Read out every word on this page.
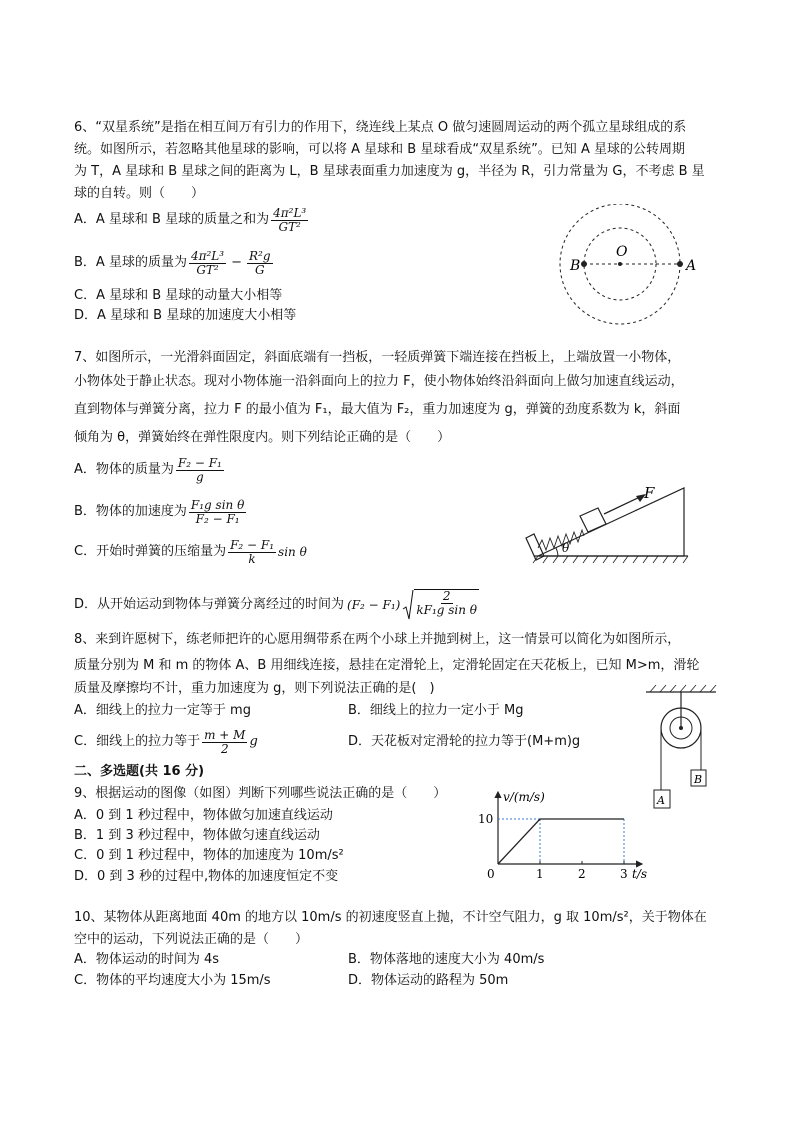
6、“双星系统”是指在相互间万有引力的作用下，绕连线上某点 O 做匀速圆周运动的两个孤立星球组成的系
统。如图所示，若忽略其他星球的影响，可以将 A 星球和 B 星球看成“双星系统”。已知 A 星球的公转周期
为 T，A 星球和 B 星球之间的距离为 L，B 星球表面重力加速度为 g，半径为 R，引力常量为 G，不考虑 B 星
球的自转。则（　　）
A．A 星球和 B 星球的质量之和为 $\frac{\text{4π²L³}}{\text{GT²}}$
B．A 星球的质量为 $\frac{\text{4π²L³}}{\text{GT²}} - \frac{\text{R²g}}{G}$
C．A 星球和 B 星球的动量大小相等
D．A 星球和 B 星球的加速度大小相等
O
B	A
7、如图所示，一光滑斜面固定，斜面底端有一挡板，一轻质弹簧下端连接在挡板上，上端放置一小物体，
小物体处于静止状态。现对小物体施一沿斜面向上的拉力 F，使小物体始终沿斜面向上做匀加速直线运动，
直到物体与弹簧分离，拉力 F 的最小值为 F₁，最大值为 F₂，重力加速度为 g，弹簧的劲度系数为 k，斜面
倾角为 θ，弹簧始终在弹性限度内。则下列结论正确的是（　　）
A．物体的质量为 $\frac{\text{F₂ − F₁}}{g}$
B．物体的加速度为 $\frac{\text{F₁g sin θ}}{\text{F₂ − F₁}}$
C．开始时弹簧的压缩量为 $\frac{\text{F₂ − F₁}}{k}$ sin θ
D．从开始运动到物体与弹簧分离经过的时间为 $(F_2 - F_1) \frac{2}{\text{kF₁g sin θ}}$
F
θ
8、来到许愿树下，练老师把许的心愿用绸带系在两个小球上并抛到树上，这一情景可以简化为如图所示，
质量分别为 M 和 m 的物体 A、B 用细线连接，悬挂在定滑轮上，定滑轮固定在天花板上，已知 M>m，滑轮
质量及摩擦均不计，重力加速度为 g，则下列说法正确的是(　)
A．细线上的拉力一定等于 mg	B．细线上的拉力一定小于 Mg
C．细线上的拉力等于 $\frac{m + M}{2}$ g	D．天花板对定滑轮的拉力等于(M+m)g
A
B
二、多选题(共 16 分)
9、根据运动的图像（如图）判断下列哪些说法正确的是（　　）
A．0 到 1 秒过程中，物体做匀加速直线运动
B．1 到 3 秒过程中，物体做匀速直线运动
C．0 到 1 秒过程中，物体的加速度为 10m/s²
D．0 到 3 秒的过程中,物体的加速度恒定不变	0	1	2	3
10
v/(m/s)
t/s
10、某物体从距离地面 40m 的地方以 10m/s 的初速度竖直上抛，不计空气阻力，g 取 10m/s²，关于物体在
空中的运动，下列说法正确的是（　　）
A．物体运动的时间为 4s	B．物体落地的速度大小为 40m/s
C．物体的平均速度大小为 15m/s	D．物体运动的路程为 50m
